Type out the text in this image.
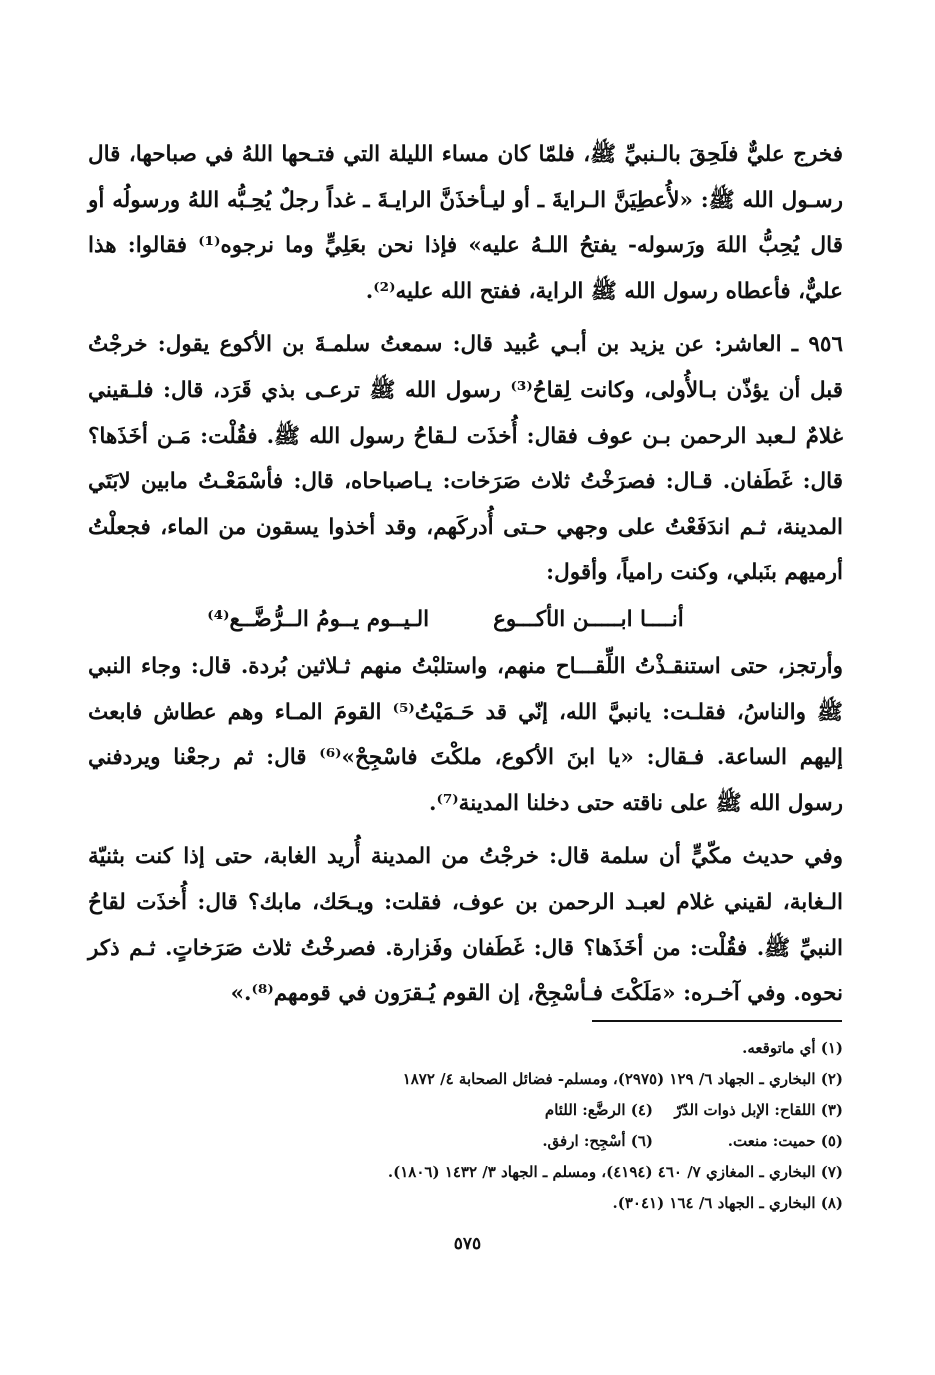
فخرج عليٌّ فلَحِقَ بالـنبيِّ ﷺ، فلمّا كان مساء الليلة التي فتـحها اللهُ في صباحها، قال رسـول الله ﷺ: «لأُعطِيَنَّ الـرايةَ ـ أو ليـأخذَنَّ الرايـةَ ـ غداً رجلٌ يُحِـبُّه اللهُ ورسولُه أو قال يُحِبُّ اللهَ ورَسوله- يفتحُ اللـهُ عليه» فإذا نحن بعَلِيٍّ وما نرجوه⁽¹⁾ فقالوا: هذا عليٌّ، فأعطاه رسول الله ﷺ الراية، ففتح الله عليه⁽²⁾.

٩٥٦ ـ العاشر: عن يزيد بن أبـي عُبيد قال: سمعتُ سلمـةَ بن الأكوع يقول: خرجْتُ قبل أن يؤذّن بـالأُولى، وكانت لِقاحُ⁽³⁾ رسول الله ﷺ ترعـى بذي قَرَد، قال: فلـقيني غلامٌ لـعبد الرحمن بـن عوف فقال: أُخذَت لـقاحُ رسول الله ﷺ. فقُلْت: مَـن أخَذَها؟ قال: غَطَفان. قـال: فصرَخْتُ ثلاث صَرَخات: يـاصباحاه، قال: فأسْمَعْـتُ مابين لابَتَي المدينة، ثـم اندَفَعْتُ على وجهي حـتى أُدركَهم، وقد أخذوا يسقون من الماء، فجعلْتُ أرميهم بنَبلي، وكنت رامياً، وأقول:

أنــــا ابـــــن الأكـــوع
الـيــوم يــومُ الــرُّضَّــع⁽⁴⁾

وأرتجز، حتى استنقـذْتُ اللِّقـــاح منهم، واستلبْتُ منهم ثـلاثين بُردة. قال: وجاء النبي ﷺ والناسُ، فقلـت: يانبيَّ الله، إنّي قد حَـمَيْتُ⁽⁵⁾ القومَ المـاء وهم عطاش فابعث إليهم الساعة. فـقال: «يا ابنَ الأكوع، ملكْتَ فاسْجِحْ»⁽⁶⁾ قال: ثم رجعْنا ويردفني رسول الله ﷺ على ناقته حتى دخلنا المدينة⁽⁷⁾.

وفي حديث مكّيٍّ أن سلمة قال: خرجْتُ من المدينة أُريد الغابة، حتى إذا كنت بثنيّة الـغابة، لقيني غلام لعبـد الرحمن بن عوف، فقلت: ويـحَك، مابك؟ قال: أُخذَت لقاحُ النبيِّ ﷺ. فقُلْت: من أخَذَها؟ قال: غَطَفان وفَزارة. فصرخْتُ ثلاث صَرَخاتٍ. ثـم ذكر نحوه. وفي آخـره: «مَلَكْتَ فـأسْجِحْ، إن القوم يُـقرَون في قومهم⁽⁸⁾.»

(١) أي ماتوقعه.
(٢) البخاري ـ الجهاد ٦/ ١٢٩ (٢٩٧٥)، ومسلم- فضائل الصحابة ٤/ ١٨٧٢
(٣) اللقاح: الإبل ذوات الدّرّ
(٤) الرضَّع: اللئام
(٥) حميت: منعت.
(٦) أسْجِح: ارفق.
(٧) البخاري ـ المغازي ٧/ ٤٦٠ (٤١٩٤)، ومسلم ـ الجهاد ٣/ ١٤٣٢ (١٨٠٦).
(٨) البخاري ـ الجهاد ٦/ ١٦٤ (٣٠٤١).
٥٧٥
